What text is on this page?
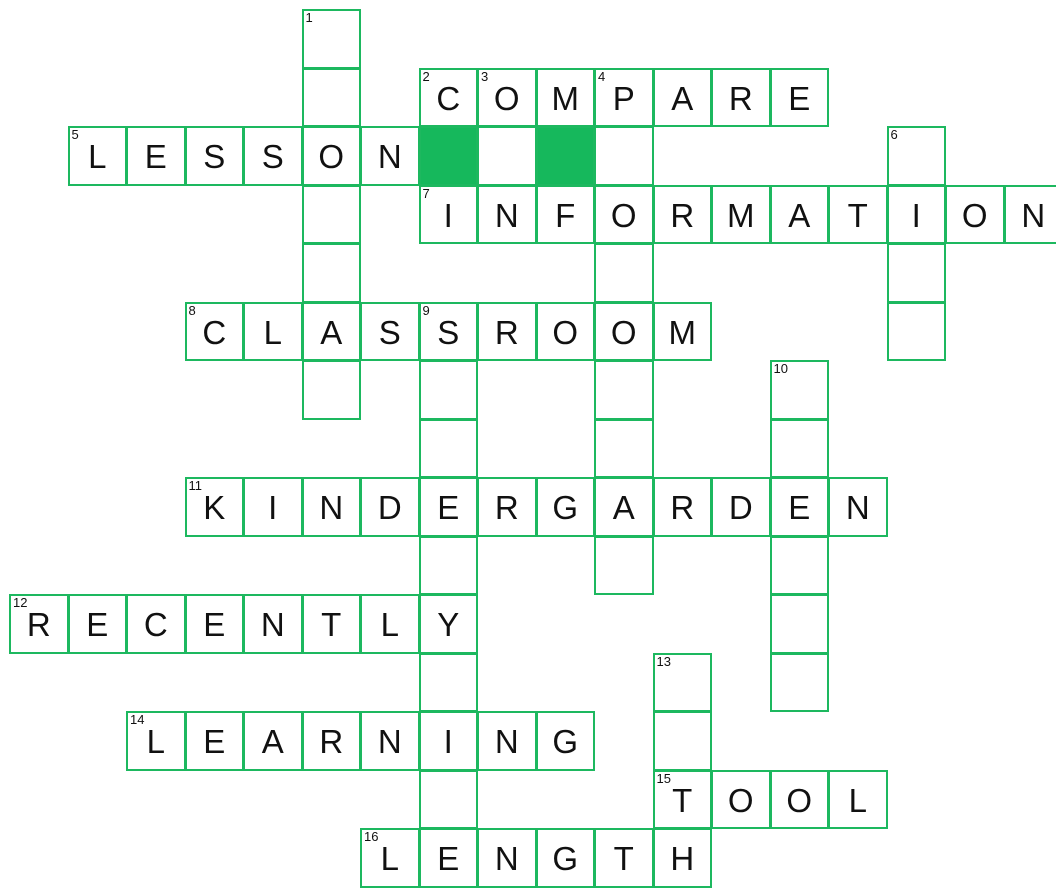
C
2
O
3
M	P
4
A	R	E
L
5
E	S	S	O	N
I
7
N	F	O	R M	A	T	I	O	N
C
8
L	A	S	S
9
R	O O M
K
11
I	N	D	E	R	G	A	R	D	E	N
R
12
E	C	E	N	T	L	Y
L
14
E	A	R	N	I	N	G
T
15
O O	L
L
16
E	N	G	T	H
1
6
10
13
